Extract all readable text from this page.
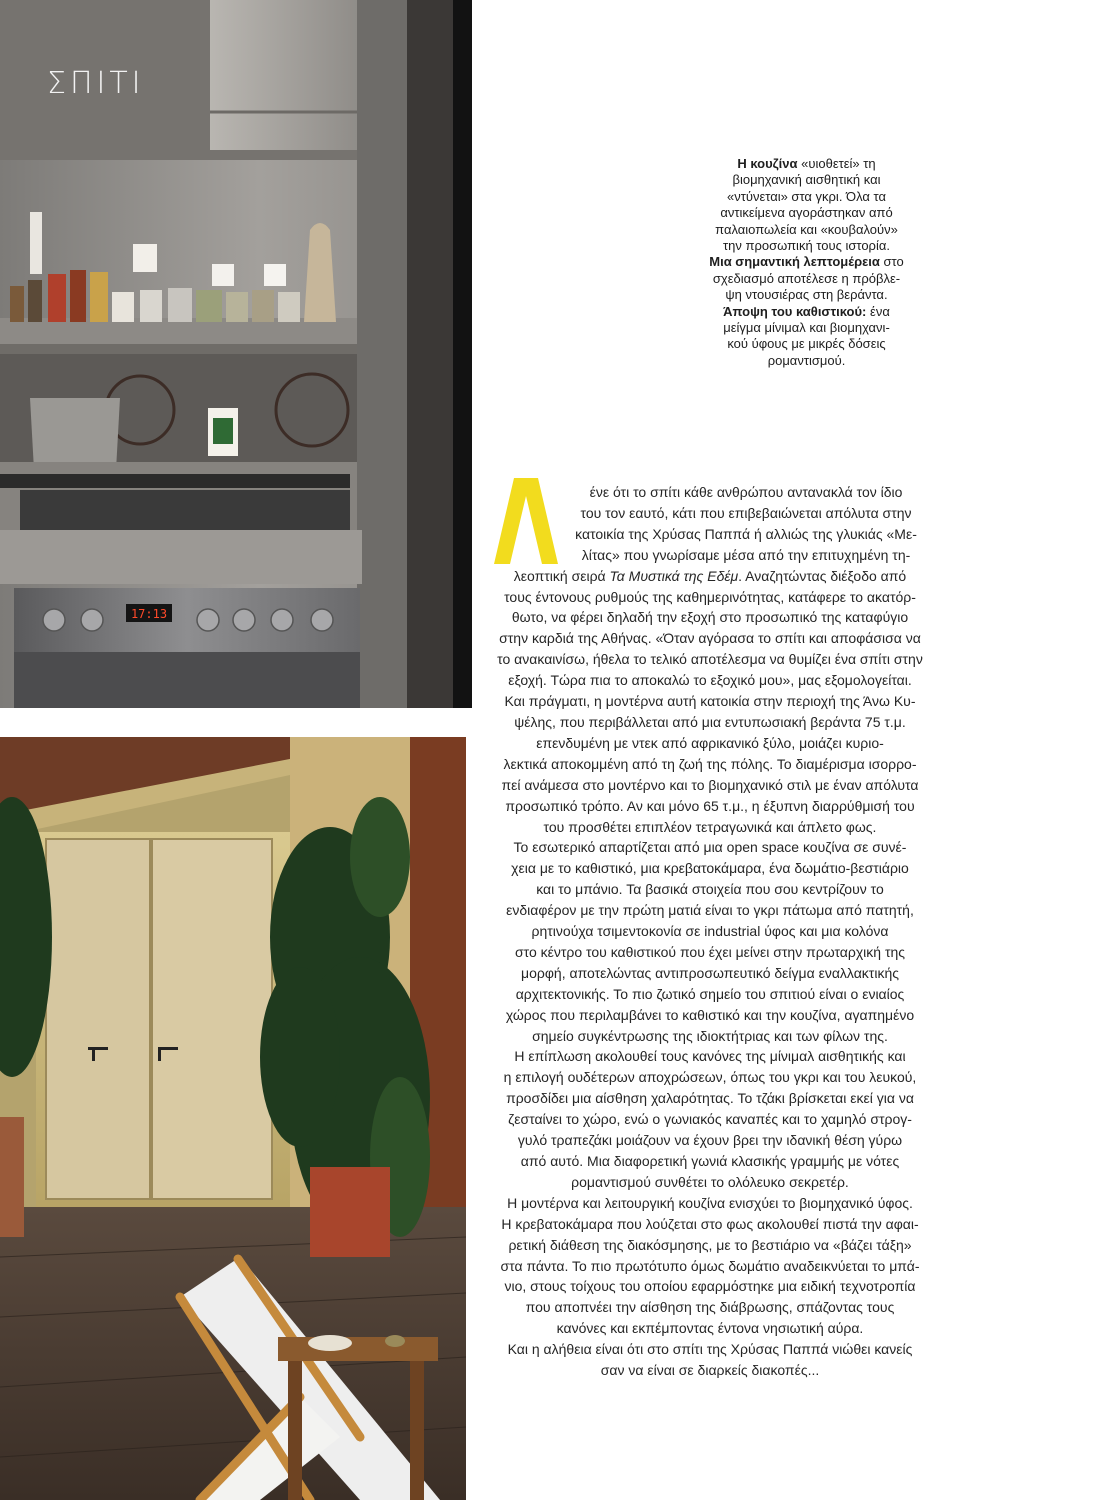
17:13
ΣΠΙΤΙ

Η κουζίνα «υιοθετεί» τη

βιομηχανική αισθητική και

«ντύνεται» στα γκρι. Όλα τα

αντικείμενα αγοράστηκαν από

παλαιοπωλεία και «κουβαλούν»

την προσωπική τους ιστορία.

Μια σημαντική λεπτομέρεια στο

σχεδιασμό αποτέλεσε η πρόβλε-

ψη ντουσιέρας στη βεράντα.

Άποψη του καθιστικού: ένα

μείγμα μίνιμαλ και βιομηχανι-

κού ύφους με μικρές δόσεις

ρομαντισμού.

ένε ότι το σπίτι κάθε ανθρώπου αντανακλά τον ίδιο
του τον εαυτό, κάτι που επιβεβαιώνεται απόλυτα στην
κατοικία της Χρύσας Παππά ή αλλιώς της γλυκιάς «Με-
λίτας» που γνωρίσαμε μέσα από την επιτυχημένη τη-
λεοπτική σειρά Τα Μυστικά της Εδέμ. Αναζητώντας διέξοδο από
τους έντονους ρυθμούς της καθημερινότητας, κατάφερε το ακατόρ-
θωτο, να φέρει δηλαδή την εξοχή στο προσωπικό της καταφύγιο
στην καρδιά της Αθήνας. «Όταν αγόρασα το σπίτι και αποφάσισα να
το ανακαινίσω, ήθελα το τελικό αποτέλεσμα να θυμίζει ένα σπίτι στην
εξοχή. Τώρα πια το αποκαλώ το εξοχικό μου», μας εξομολογείται.
Και πράγματι, η μοντέρνα αυτή κατοικία στην περιοχή της Άνω Κυ-
ψέλης, που περιβάλλεται από μια εντυπωσιακή βεράντα 75 τ.μ.
επενδυμένη με ντεκ από αφρικανικό ξύλο, μοιάζει κυριο-
λεκτικά αποκομμένη από τη ζωή της πόλης. Το διαμέρισμα ισορρο-
πεί ανάμεσα στο μοντέρνο και το βιομηχανικό στιλ με έναν απόλυτα
προσωπικό τρόπο. Αν και μόνο 65 τ.μ., η έξυπνη διαρρύθμισή του
του προσθέτει επιπλέον τετραγωνικά και άπλετο φως.
Το εσωτερικό απαρτίζεται από μια open space κουζίνα σε συνέ-
χεια με το καθιστικό, μια κρεβατοκάμαρα, ένα δωμάτιο-βεστιάριο
και το μπάνιο. Τα βασικά στοιχεία που σου κεντρίζουν το
ενδιαφέρον με την πρώτη ματιά είναι το γκρι πάτωμα από πατητή,
ρητινούχα τσιμεντοκονία σε industrial ύφος και μια κολόνα
στο κέντρο του καθιστικού που έχει μείνει στην πρωταρχική της
μορφή, αποτελώντας αντιπροσωπευτικό δείγμα εναλλακτικής
αρχιτεκτονικής. Το πιο ζωτικό σημείο του σπιτιού είναι ο ενιαίος
χώρος που περιλαμβάνει το καθιστικό και την κουζίνα, αγαπημένο
σημείο συγκέντρωσης της ιδιοκτήτριας και των φίλων της.
Η επίπλωση ακολουθεί τους κανόνες της μίνιμαλ αισθητικής και
η επιλογή ουδέτερων αποχρώσεων, όπως του γκρι και του λευκού,
προσδίδει μια αίσθηση χαλαρότητας. Το τζάκι βρίσκεται εκεί για να
ζεσταίνει το χώρο, ενώ ο γωνιακός καναπές και το χαμηλό στρογ-
γυλό τραπεζάκι μοιάζουν να έχουν βρει την ιδανική θέση γύρω
από αυτό. Μια διαφορετική γωνιά κλασικής γραμμής με νότες
ρομαντισμού συνθέτει το ολόλευκο σεκρετέρ.
Η μοντέρνα και λειτουργική κουζίνα ενισχύει το βιομηχανικό ύφος.
Η κρεβατοκάμαρα που λούζεται στο φως ακολουθεί πιστά την αφαι-
ρετική διάθεση της διακόσμησης, με το βεστιάριο να «βάζει τάξη»
στα πάντα. Το πιο πρωτότυπο όμως δωμάτιο αναδεικνύεται το μπά-
νιο, στους τοίχους του οποίου εφαρμόστηκε μια ειδική τεχνοτροπία
που αποπνέει την αίσθηση της διάβρωσης, σπάζοντας τους
κανόνες και εκπέμποντας έντονα νησιωτική αύρα.
Και η αλήθεια είναι ότι στο σπίτι της Χρύσας Παππά νιώθει κανείς
σαν να είναι σε διαρκείς διακοπές...
